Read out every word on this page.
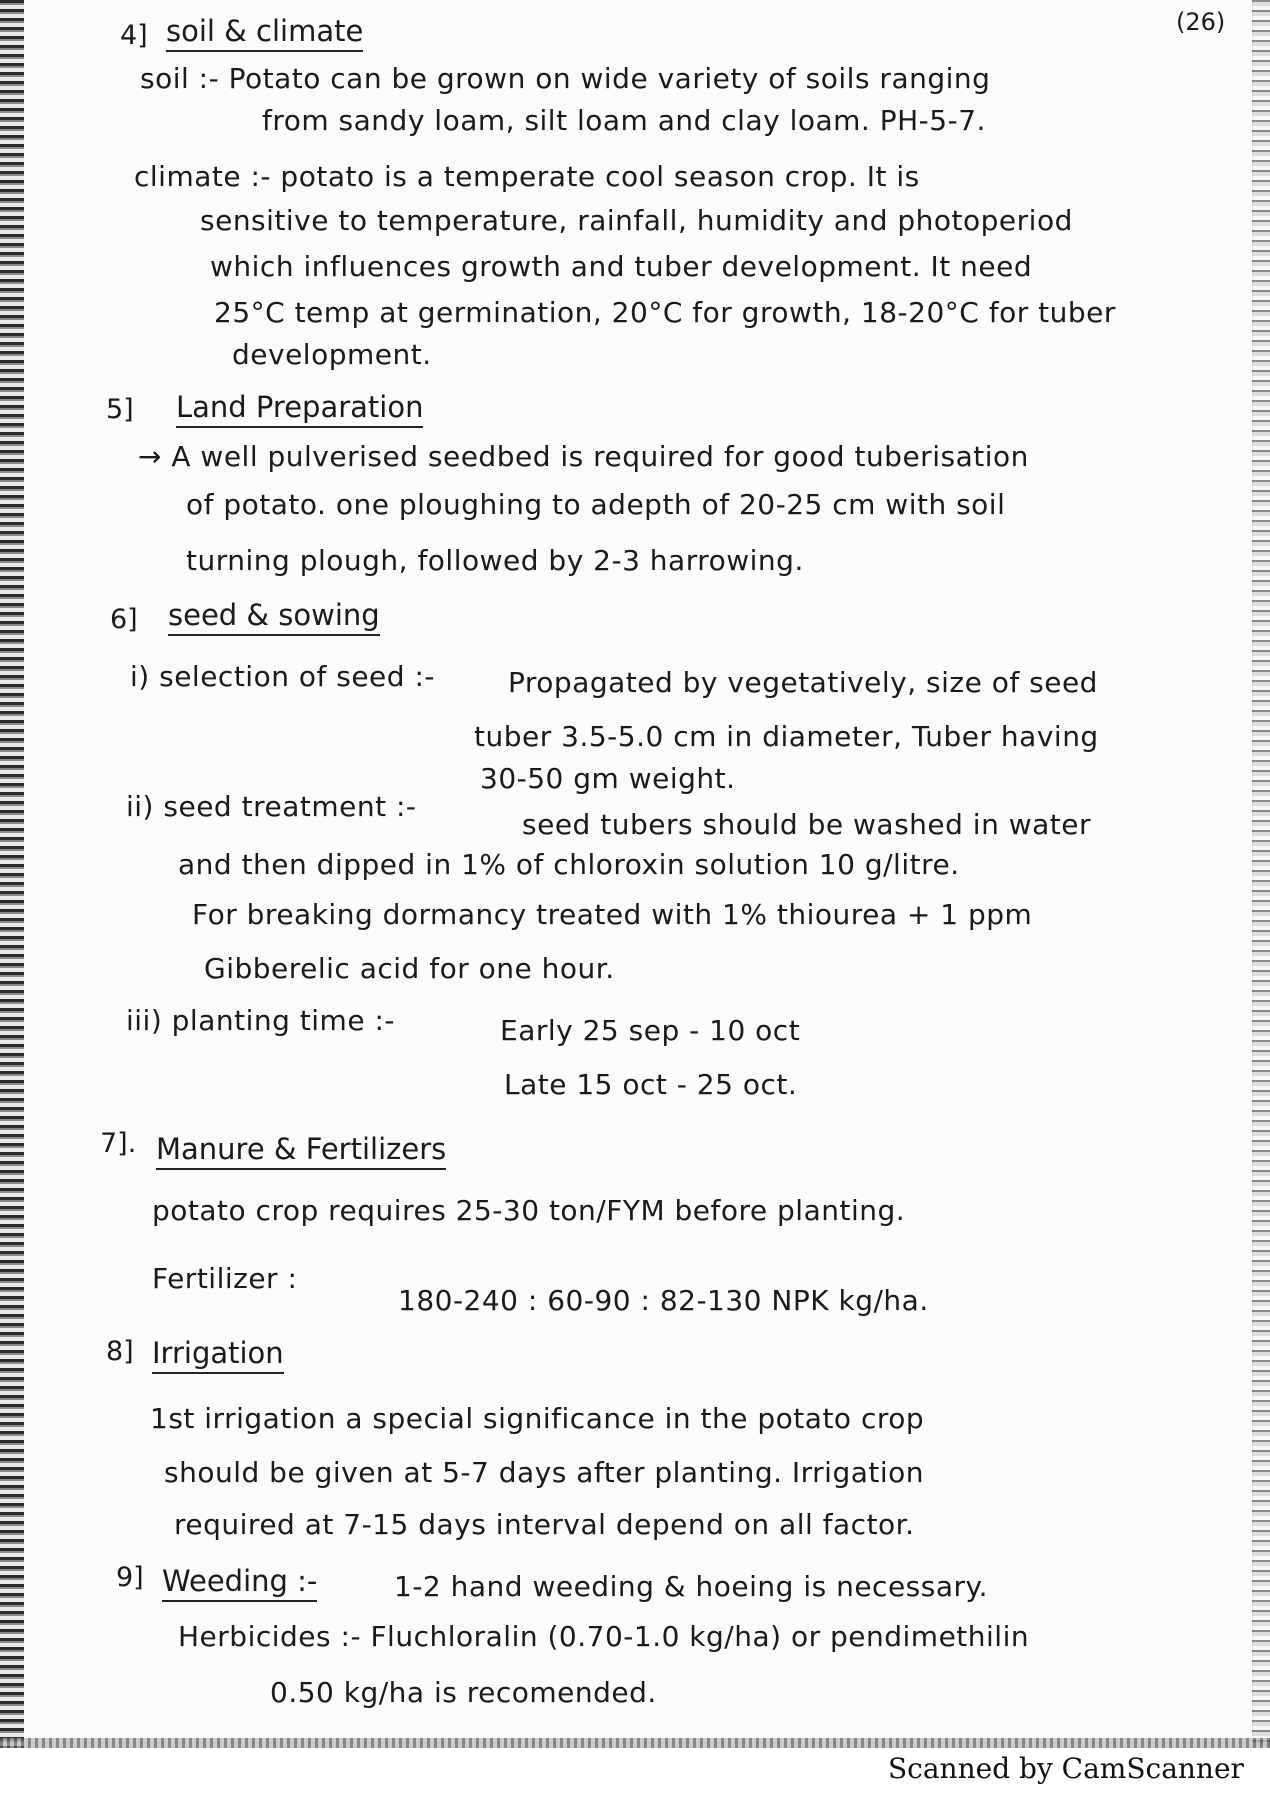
(26)
4] soil & climate
soil :- Potato can be grown on wide variety of soils ranging
from sandy loam, silt loam and clay loam. PH-5-7.
climate :- potato is a temperate cool season crop. It is
sensitive to temperature, rainfall, humidity and photoperiod
which influences growth and tuber development. It need
25°C temp at germination, 20°C for growth, 18-20°C for tuber
development.
5] Land Preparation
→ A well pulverised seedbed is required for good tuberisation
of potato. one ploughing to adepth of 20-25 cm with soil
turning plough, followed by 2-3 harrowing.
6] seed & sowing
i) selection of seed :-	Propagated by vegetatively, size of seed
tuber 3.5-5.0 cm in diameter, Tuber having
30-50 gm weight.
ii) seed treatment :-
seed tubers should be washed in water
and then dipped in 1% of chloroxin solution 10 g/litre.
For breaking dormancy treated with 1% thiourea + 1 ppm
Gibberelic acid for one hour.
iii) planting time :-	Early 25 sep - 10 oct
Late 15 oct - 25 oct.
7]. Manure & Fertilizers
potato crop requires 25-30 ton/FYM before planting.
Fertilizer :
180-240 : 60-90 : 82-130 NPK kg/ha.
8] Irrigation
1st irrigation a special significance in the potato crop
should be given at 5-7 days after planting. Irrigation
required at 7-15 days interval depend on all factor.
9] Weeding :-	1-2 hand weeding & hoeing is necessary.
Herbicides :- Fluchloralin (0.70-1.0 kg/ha) or pendimethilin
0.50 kg/ha is recomended.
Scanned by CamScanner
